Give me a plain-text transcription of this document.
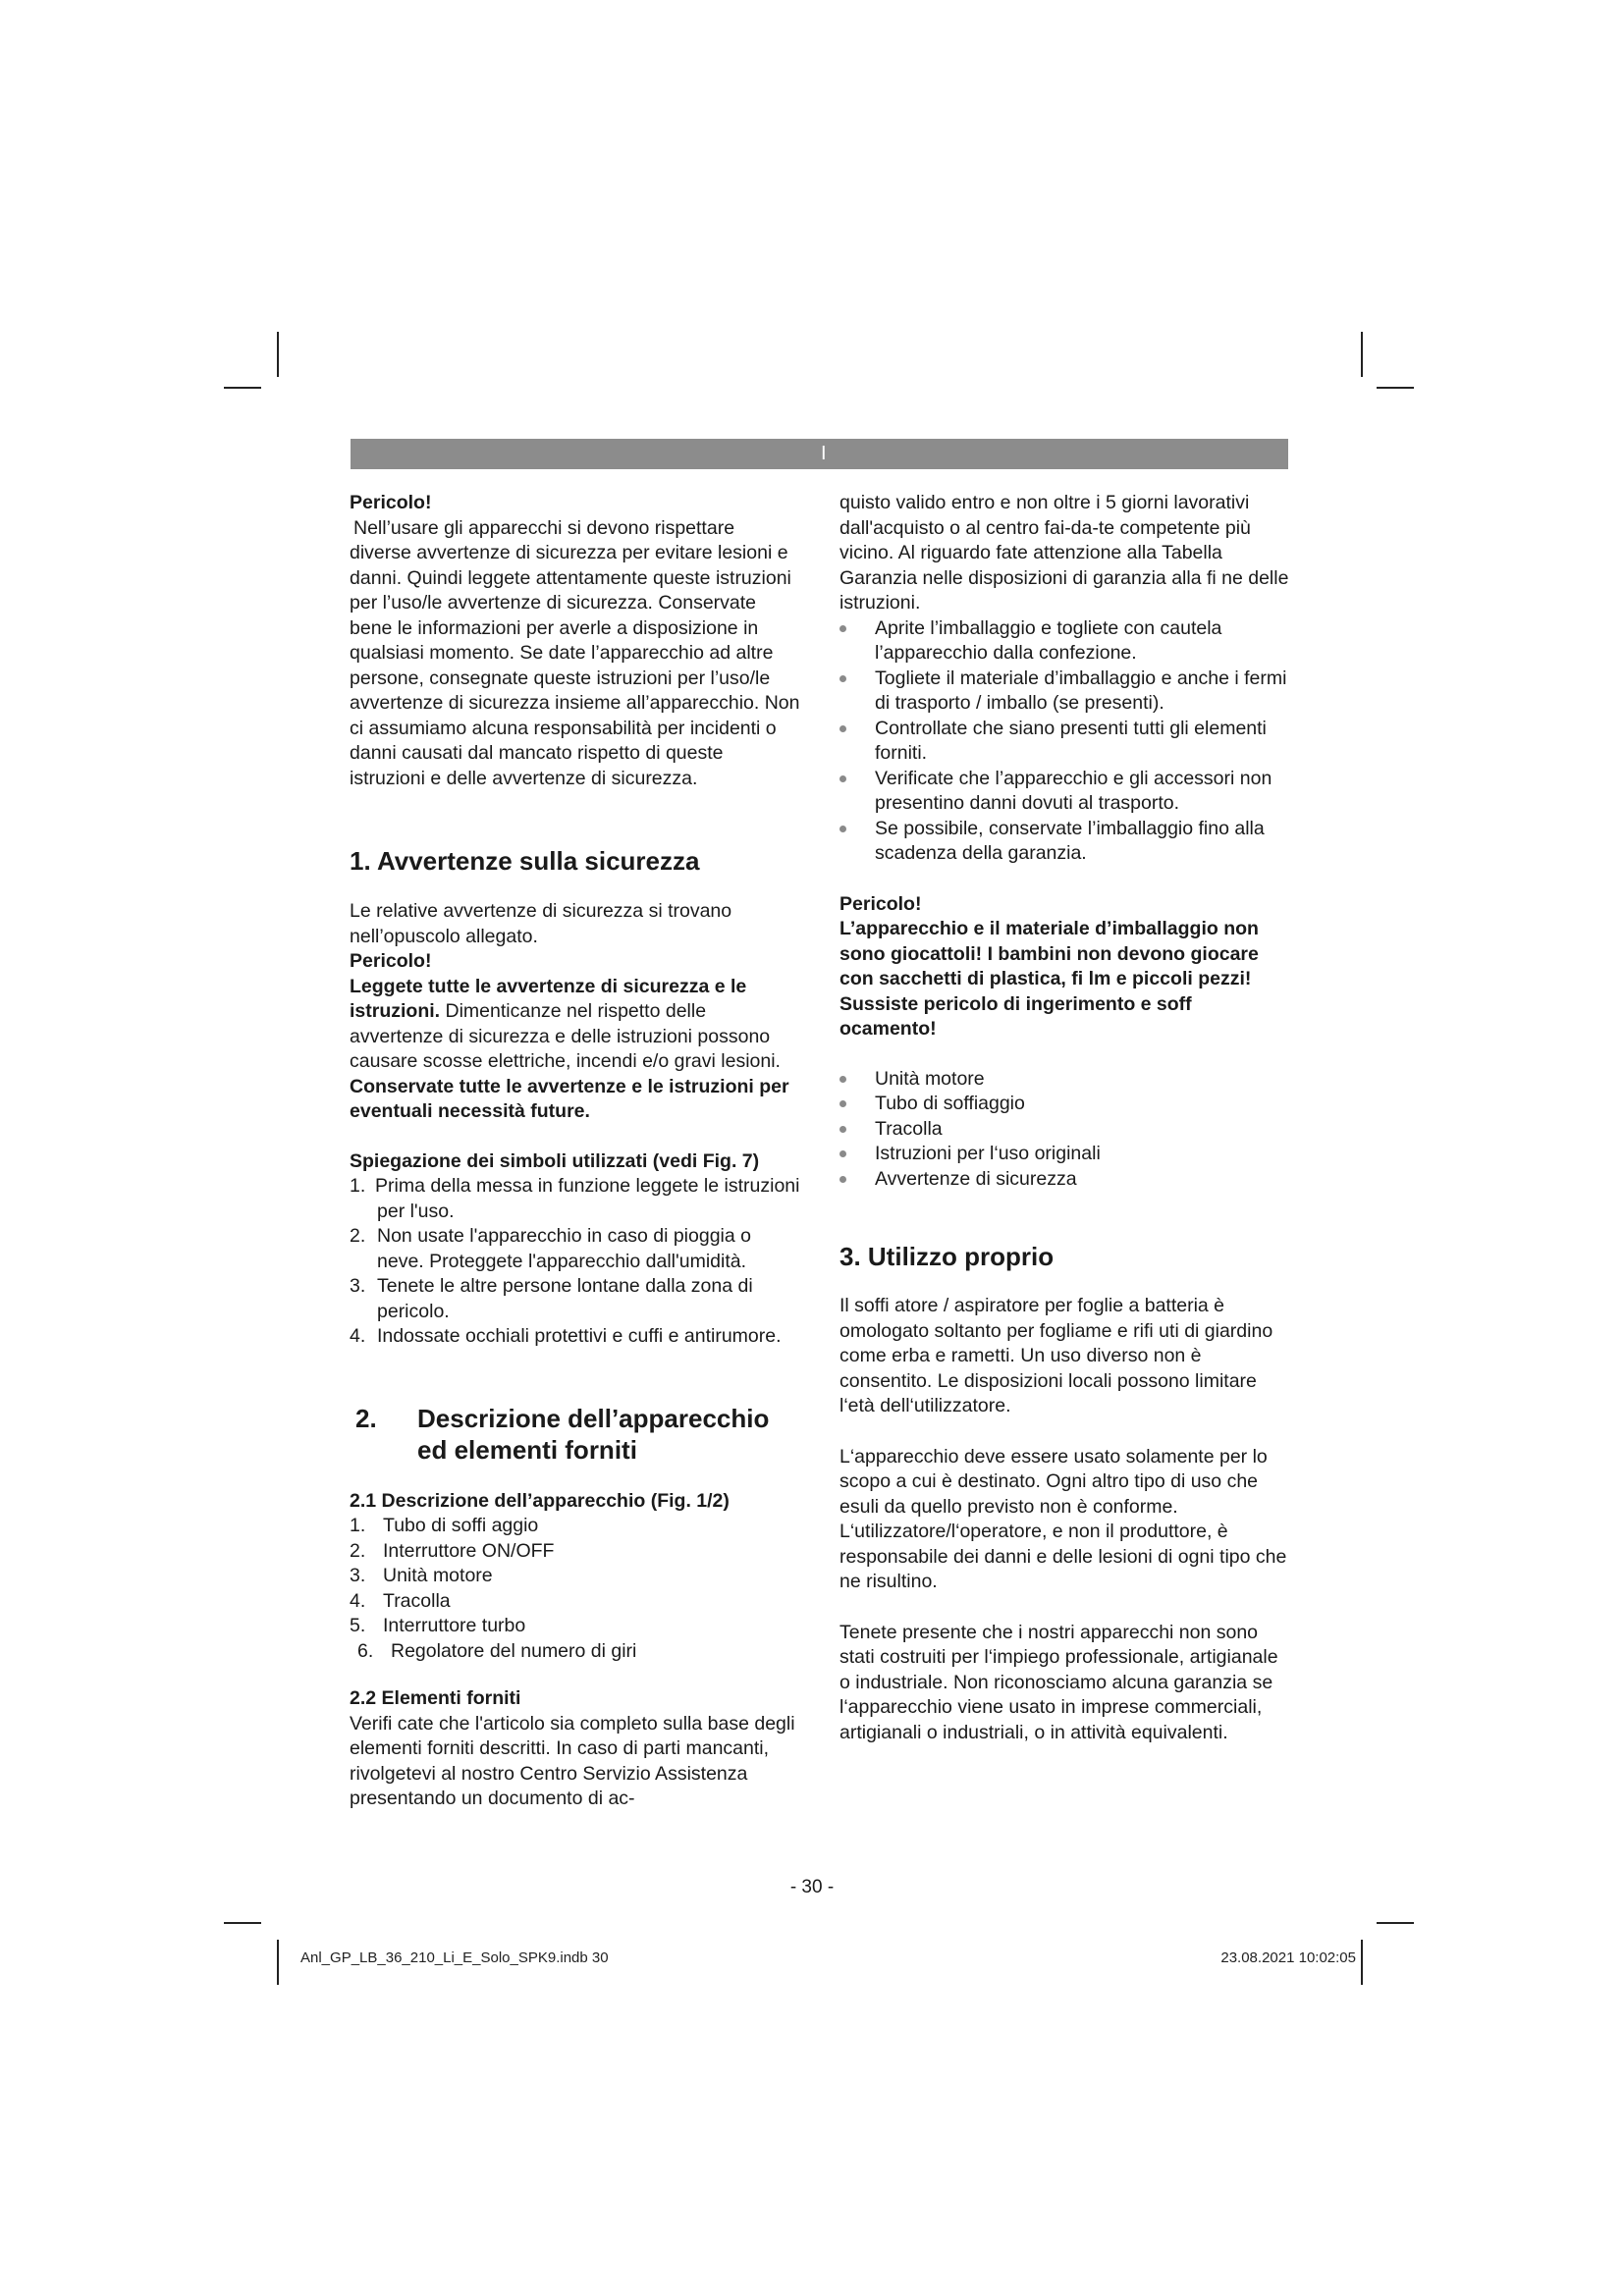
I

Pericolo!

Nell’usare gli apparecchi si devono rispettare diverse avvertenze di sicurezza per evitare lesioni e danni. Quindi leggete attentamente queste istruzioni per l’uso/le avvertenze di sicurezza. Conservate bene le informazioni per averle a disposizione in qualsiasi momento. Se date l’apparecchio ad altre persone, consegnate queste istruzioni per l’uso/le avvertenze di sicurezza insieme all’apparecchio. Non ci assumiamo alcuna responsabilità per incidenti o danni causati dal mancato rispetto di queste istruzioni e delle avvertenze di sicurezza.

1. Avvertenze sulla sicurezza

Le relative avvertenze di sicurezza si trovano nell’opuscolo allegato.

Pericolo!

Leggete tutte le avvertenze di sicurezza e le istruzioni. Dimenticanze nel rispetto delle avvertenze di sicurezza e delle istruzioni possono causare scosse elettriche, incendi e/o gravi lesioni.

Conservate tutte le avvertenze e le istruzioni per eventuali necessità future.

Spiegazione dei simboli utilizzati (vedi Fig. 7)

1. Prima della messa in funzione leggete le istruzioni per l'uso.
2. Non usate l'apparecchio in caso di pioggia o neve. Proteggete l'apparecchio dall'umidità.
3. Tenete le altre persone lontane dalla zona di pericolo.
4. Indossate occhiali protettivi e cuffi e antirumore.
2.	Descrizione dell’apparecchio ed elementi forniti

2.1 Descrizione dell’apparecchio (Fig. 1/2)

1. Tubo di soffi aggio
2. Interruttore ON/OFF
3. Unità motore
4. Tracolla
5. Interruttore turbo
6. Regolatore del numero di giri

2.2 Elementi forniti

Verifi cate che l'articolo sia completo sulla base degli elementi forniti descritti. In caso di parti mancanti, rivolgetevi al nostro Centro Servizio Assistenza presentando un documento di ac-

quisto valido entro e non oltre i 5 giorni lavorativi dall'acquisto o al centro fai-da-te competente più vicino. Al riguardo fate attenzione alla Tabella Garanzia nelle disposizioni di garanzia alla fi ne delle istruzioni.

Aprite l’imballaggio e togliete con cautela l’apparecchio dalla confezione.
Togliete il materiale d’imballaggio e anche i fermi di trasporto / imballo (se presenti).
Controllate che siano presenti tutti gli elementi forniti.
Verificate che l’apparecchio e gli accessori non presentino danni dovuti al trasporto.
Se possibile, conservate l’imballaggio fino alla scadenza della garanzia.

Pericolo!

L’apparecchio e il materiale d’imballaggio non sono giocattoli! I bambini non devono giocare con sacchetti di plastica, fi lm e piccoli pezzi! Sussiste pericolo di ingerimento e soff ocamento!

Unità motore
Tubo di soffiaggio
Tracolla
Istruzioni per l‘uso originali
Avvertenze di sicurezza
3. Utilizzo proprio

Il soffi atore / aspiratore per foglie a batteria è omologato soltanto per fogliame e rifi uti di giardino come erba e rametti. Un uso diverso non è consentito. Le disposizioni locali possono limitare l‘età dell‘utilizzatore.

L‘apparecchio deve essere usato solamente per lo scopo a cui è destinato. Ogni altro tipo di uso che esuli da quello previsto non è conforme. L‘utilizzatore/l‘operatore, e non il produttore, è responsabile dei danni e delle lesioni di ogni tipo che ne risultino.

Tenete presente che i nostri apparecchi non sono stati costruiti per l‘impiego professionale, artigianale o industriale. Non riconosciamo alcuna garanzia se l‘apparecchio viene usato in imprese commerciali, artigianali o industriali, o in attività equivalenti.

- 30 -
Anl_GP_LB_36_210_Li_E_Solo_SPK9.indb 30	23.08.2021 10:02:05
